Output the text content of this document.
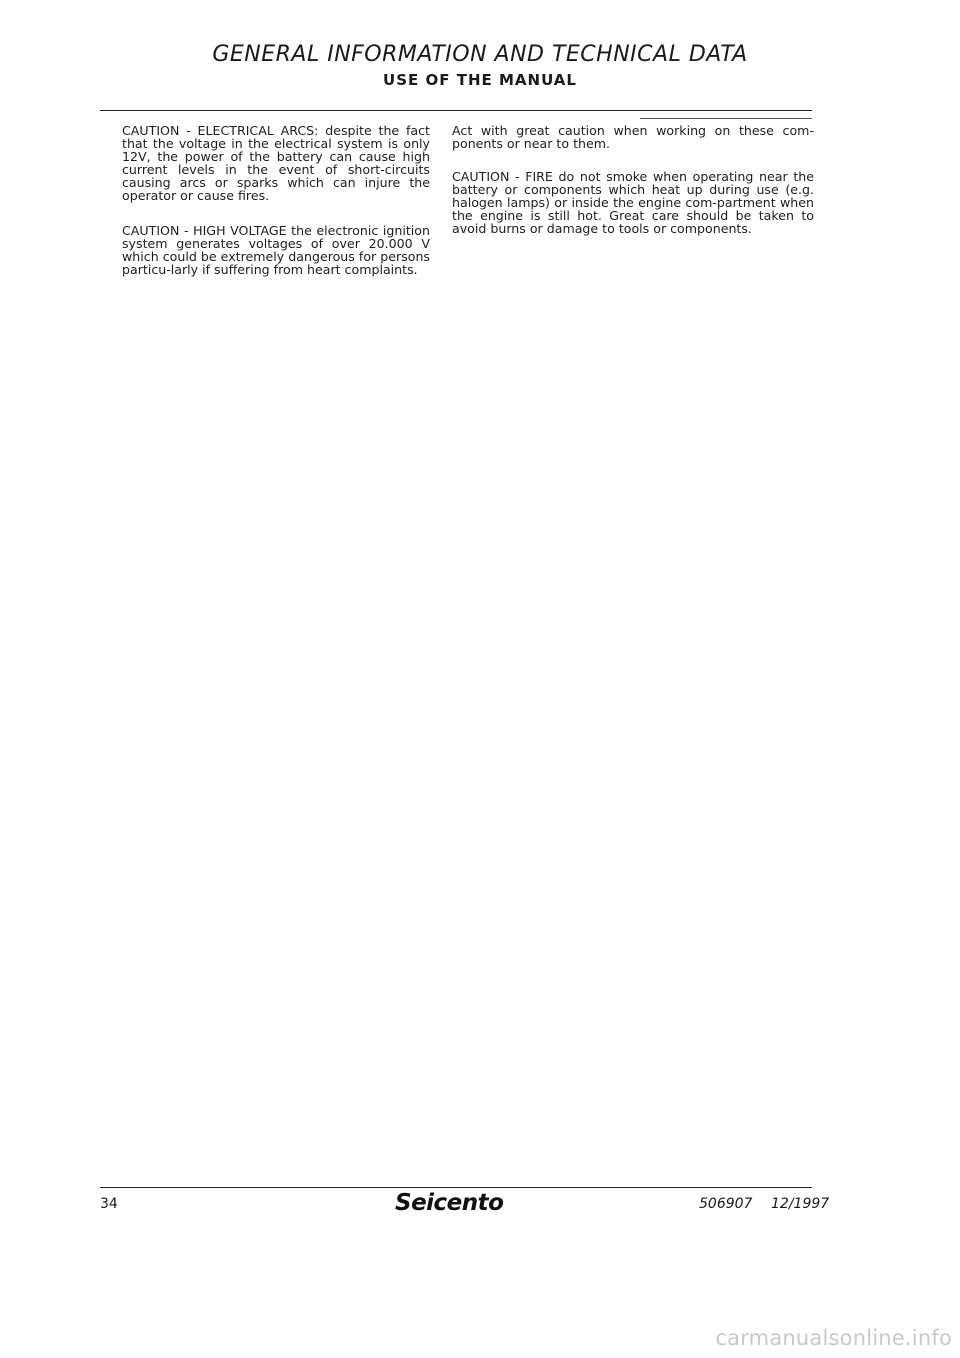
GENERAL INFORMATION AND TECHNICAL DATA
USE OF THE MANUAL

CAUTION - ELECTRICAL ARCS: despite the fact that the voltage in the electrical system is only 12V, the power of the battery can cause high current levels in the event of short-circuits causing arcs or sparks which can injure the operator or cause fires.

CAUTION - HIGH VOLTAGE the electronic ignition system generates voltages of over 20.000 V which could be extremely dangerous for persons particu-larly if suffering from heart complaints.

Act with great caution when working on these com-ponents or near to them.

CAUTION - FIRE do not smoke when operating near the battery or components which heat up during use (e.g. halogen lamps) or inside the engine com-partment when the engine is still hot. Great care should be taken to avoid burns or damage to tools or components.

34	Seicento	506907 12/1997
carmanualsonline.info
